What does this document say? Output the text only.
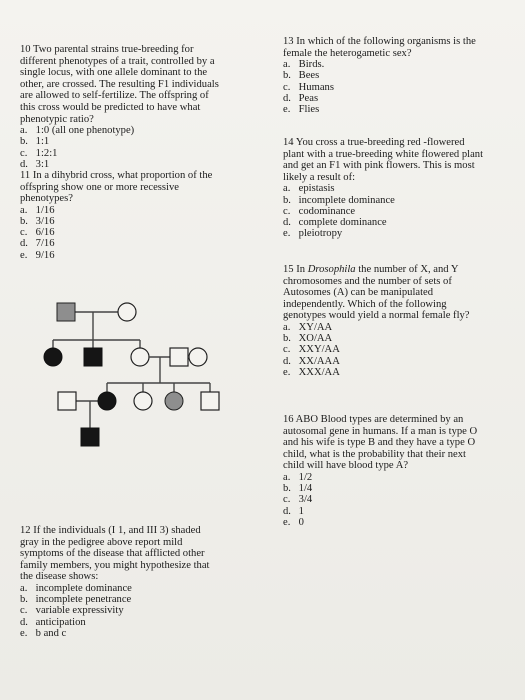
10 Two parental strains true-breeding for
different phenotypes of a trait, controlled by a
single locus, with one allele dominant to the
other, are crossed. The resulting F1 individuals
are allowed to self-fertilize. The offspring of
this cross would be predicted to have what
phenotypic ratio?
a. 1:0 (all one phenotype)
b. 1:1
c. 1:2:1
d. 3:1
11 In a dihybrid cross, what proportion of the
offspring show one or more recessive
phenotypes?
a. 1/16
b. 3/16
c. 6/16
d. 7/16
e. 9/16
12 If the individuals (I 1, and III 3) shaded
gray in the pedigree above report mild
symptoms of the disease that afflicted other
family members, you might hypothesize that
the disease shows:
a. incomplete dominance
b. incomplete penetrance
c. variable expressivity
d. anticipation
e. b and c
13 In which of the following organisms is the
female the heterogametic sex?
a. Birds.
b. Bees
c. Humans
d. Peas
e. Flies
14 You cross a true-breeding red -flowered
plant with a true-breeding white flowered plant
and get an F1 with pink flowers. This is most
likely a result of:
a. epistasis
b. incomplete dominance
c. codominance
d. complete dominance
e. pleiotropy
15 In Drosophila the number of X, and Y
chromosomes and the number of sets of
Autosomes (A) can be manipulated
independently. Which of the following
genotypes would yield a normal female fly?
a. XY/AA
b. XO/AA
c. XXY/AA
d. XX/AAA
e. XXX/AA
16 ABO Blood types are determined by an
autosomal gene in humans. If a man is type O
and his wife is type B and they have a type O
child, what is the probability that their next
child will have blood type A?
a. 1/2
b. 1/4
c. 3/4
d. 1
e. 0
